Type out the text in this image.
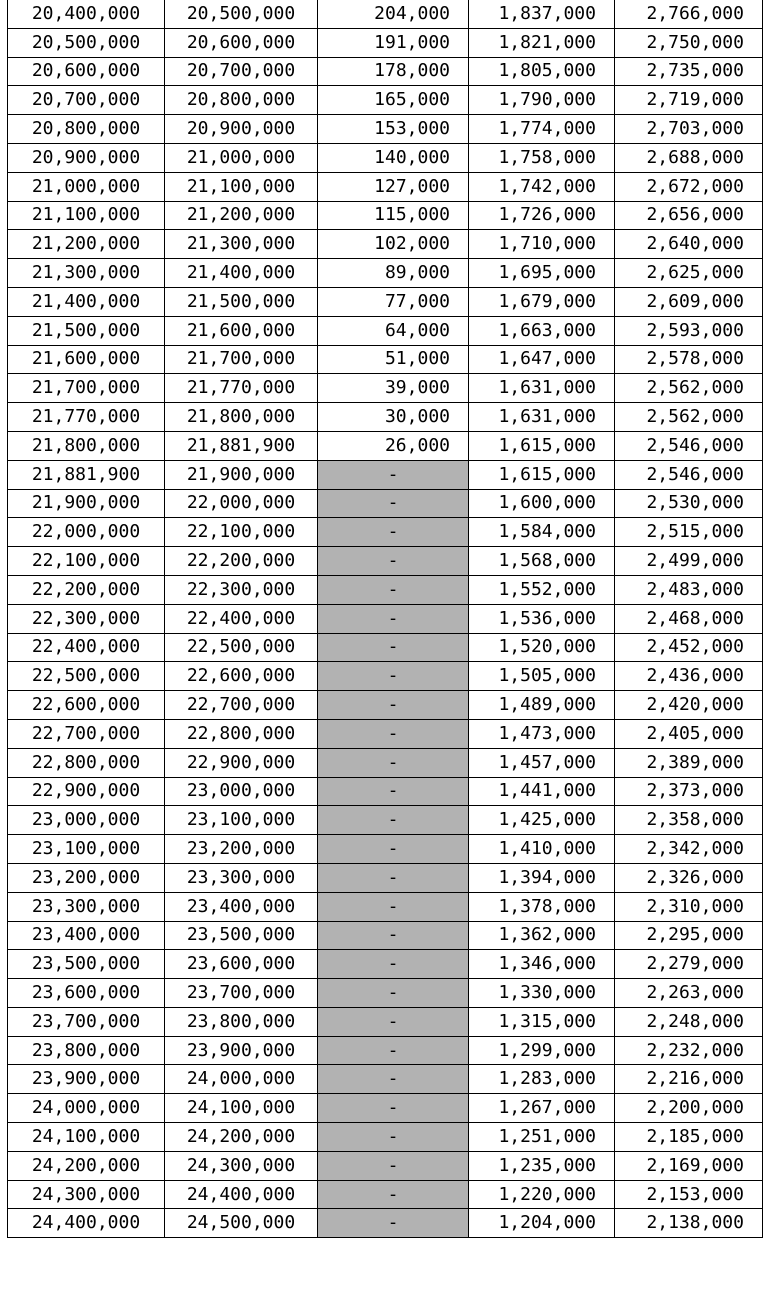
20,400,000	20,500,000	204,000	1,837,000	2,766,000
20,500,000	20,600,000	191,000	1,821,000	2,750,000
20,600,000	20,700,000	178,000	1,805,000	2,735,000
20,700,000	20,800,000	165,000	1,790,000	2,719,000
20,800,000	20,900,000	153,000	1,774,000	2,703,000
20,900,000	21,000,000	140,000	1,758,000	2,688,000
21,000,000	21,100,000	127,000	1,742,000	2,672,000
21,100,000	21,200,000	115,000	1,726,000	2,656,000
21,200,000	21,300,000	102,000	1,710,000	2,640,000
21,300,000	21,400,000	89,000	1,695,000	2,625,000
21,400,000	21,500,000	77,000	1,679,000	2,609,000
21,500,000	21,600,000	64,000	1,663,000	2,593,000
21,600,000	21,700,000	51,000	1,647,000	2,578,000
21,700,000	21,770,000	39,000	1,631,000	2,562,000
21,770,000	21,800,000	30,000	1,631,000	2,562,000
21,800,000	21,881,900	26,000	1,615,000	2,546,000
21,881,900	21,900,000	-	1,615,000	2,546,000
21,900,000	22,000,000	-	1,600,000	2,530,000
22,000,000	22,100,000	-	1,584,000	2,515,000
22,100,000	22,200,000	-	1,568,000	2,499,000
22,200,000	22,300,000	-	1,552,000	2,483,000
22,300,000	22,400,000	-	1,536,000	2,468,000
22,400,000	22,500,000	-	1,520,000	2,452,000
22,500,000	22,600,000	-	1,505,000	2,436,000
22,600,000	22,700,000	-	1,489,000	2,420,000
22,700,000	22,800,000	-	1,473,000	2,405,000
22,800,000	22,900,000	-	1,457,000	2,389,000
22,900,000	23,000,000	-	1,441,000	2,373,000
23,000,000	23,100,000	-	1,425,000	2,358,000
23,100,000	23,200,000	-	1,410,000	2,342,000
23,200,000	23,300,000	-	1,394,000	2,326,000
23,300,000	23,400,000	-	1,378,000	2,310,000
23,400,000	23,500,000	-	1,362,000	2,295,000
23,500,000	23,600,000	-	1,346,000	2,279,000
23,600,000	23,700,000	-	1,330,000	2,263,000
23,700,000	23,800,000	-	1,315,000	2,248,000
23,800,000	23,900,000	-	1,299,000	2,232,000
23,900,000	24,000,000	-	1,283,000	2,216,000
24,000,000	24,100,000	-	1,267,000	2,200,000
24,100,000	24,200,000	-	1,251,000	2,185,000
24,200,000	24,300,000	-	1,235,000	2,169,000
24,300,000	24,400,000	-	1,220,000	2,153,000
24,400,000	24,500,000	-	1,204,000	2,138,000
